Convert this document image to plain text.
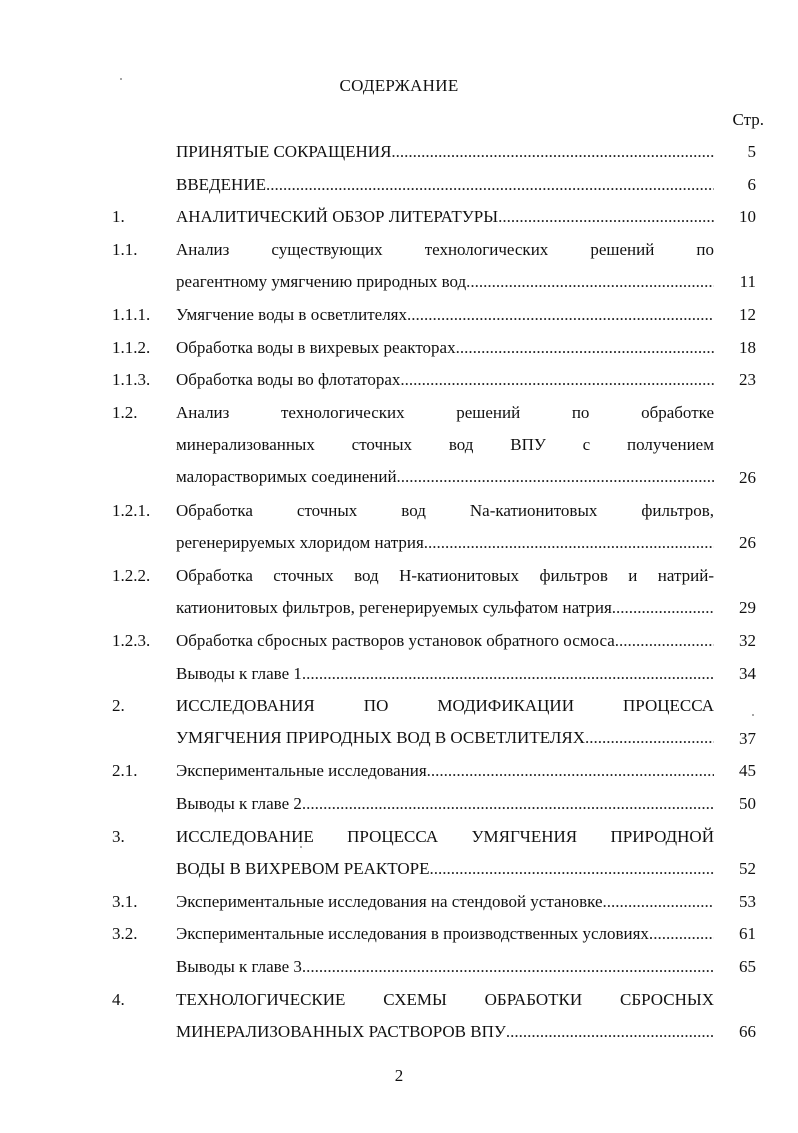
СОДЕРЖАНИЕ
Стр.
ПРИНЯТЫЕ СОКРАЩЕНИЯ .....	5
ВВЕДЕНИЕ .....	6
1.	АНАЛИТИЧЕСКИЙ ОБЗОР ЛИТЕРАТУРЫ .....	10
1.1.	Анализ существующих технологических решений по
реагентному умягчению природных вод .....	11
1.1.1.	Умягчение воды в осветлителях .....	12
1.1.2.	Обработка воды в вихревых реакторах .....	18
1.1.3.	Обработка воды во флотаторах .....	23
1.2.	Анализ технологических решений по обработке
минерализованных сточных вод ВПУ с получением
малорастворимых соединений .....	26
1.2.1.	Обработка сточных вод Na-катионитовых фильтров,
регенерируемых хлоридом натрия .....	26
1.2.2.	Обработка сточных вод Н-катионитовых фильтров и натрий-
катионитовых фильтров, регенерируемых сульфатом натрия .....	29
1.2.3.	Обработка сбросных растворов установок обратного осмоса .....	32
Выводы к главе 1 .....	34
2.	ИССЛЕДОВАНИЯ ПО МОДИФИКАЦИИ ПРОЦЕССА
УМЯГЧЕНИЯ ПРИРОДНЫХ ВОД В ОСВЕТЛИТЕЛЯХ .....	37
2.1.	Экспериментальные исследования .....	45
Выводы к главе 2 .....	50
3.	ИССЛЕДОВАНИЕ ПРОЦЕССА УМЯГЧЕНИЯ ПРИРОДНОЙ
ВОДЫ В ВИХРЕВОМ РЕАКТОРЕ .....	52
3.1.	Экспериментальные исследования на стендовой установке .....	53
3.2.	Экспериментальные исследования в производственных условиях. .....	61
Выводы к главе 3 .....	65
4.	ТЕХНОЛОГИЧЕСКИЕ СХЕМЫ ОБРАБОТКИ СБРОСНЫХ
МИНЕРАЛИЗОВАННЫХ РАСТВОРОВ ВПУ .....	66
2
